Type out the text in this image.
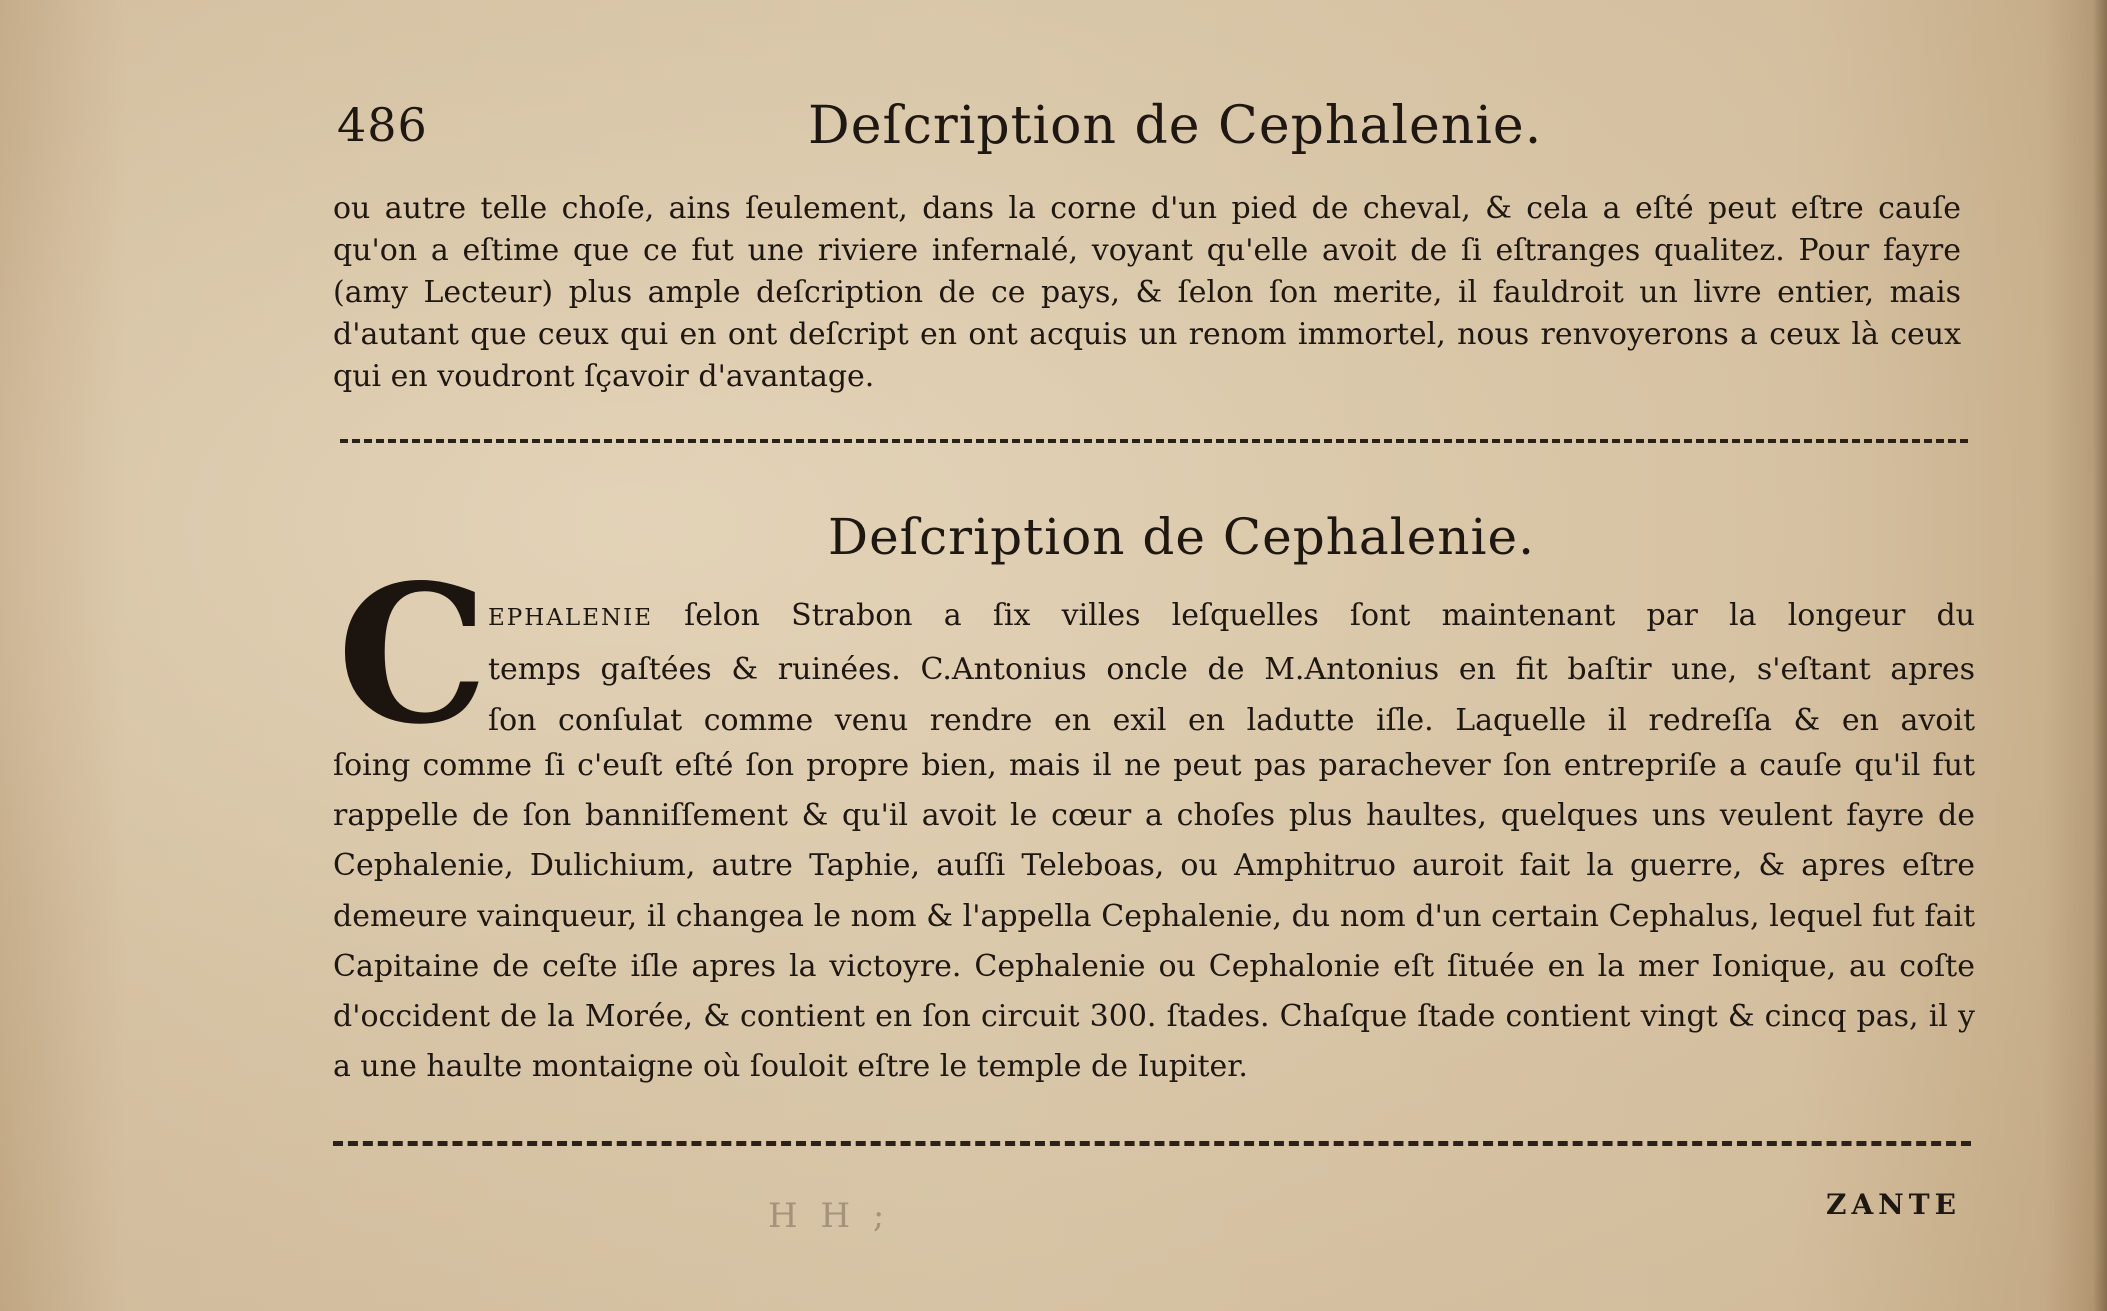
486	Deſcription de Cephalenie.

ou autre telle choſe, ains ſeulement, dans la corne d'un pied de cheval, & cela a eſté peut eſtre cauſe qu'on a eſtime que ce fut une riviere infernalé, voyant qu'elle avoit de ſi eſtranges qualitez. Pour fayre (amy Lecteur) plus ample deſcription de ce pays, & ſelon ſon merite, il fauldroit un livre entier, mais d'autant que ceux qui en ont deſcript en ont acquis un renom immortel, nous renvoyerons a ceux là ceux qui en voudront ſçavoir d'avantage.

Deſcription de Cephalenie.
C EPHALENIE ſelon Strabon a ſix villes leſquelles ſont maintenant par la longeur du
temps gaſtées & ruinées. C.Antonius oncle de M.Antonius en fit baſtir une, s'eſtant apres
ſon conſulat comme venu rendre en exil en ladutte iſle. Laquelle il redreſſa & en avoit

ſoing comme ſi c'euſt eſté ſon propre bien, mais il ne peut pas parachever ſon entrepriſe a cauſe qu'il fut rappelle de ſon banniſſement & qu'il avoit le cœur a choſes plus haultes, quelques uns veulent fayre de Cephalenie, Dulichium, autre Taphie, auſſi Teleboas, ou Amphitruo auroit fait la guerre, & apres eſtre demeure vainqueur, il changea le nom & l'appella Cephalenie, du nom d'un certain Cephalus, lequel fut fait Capitaine de ceſte iſle apres la victoyre. Cephalenie ou Cephalonie eſt ſituée en la mer Ionique, au coſte d'occident de la Morée, & contient en ſon circuit 300. ſtades. Chaſque ſtade contient vingt & cincq pas, il y a une haulte montaigne où ſouloit eſtre le temple de Iupiter.

H H ;	ZANTE
